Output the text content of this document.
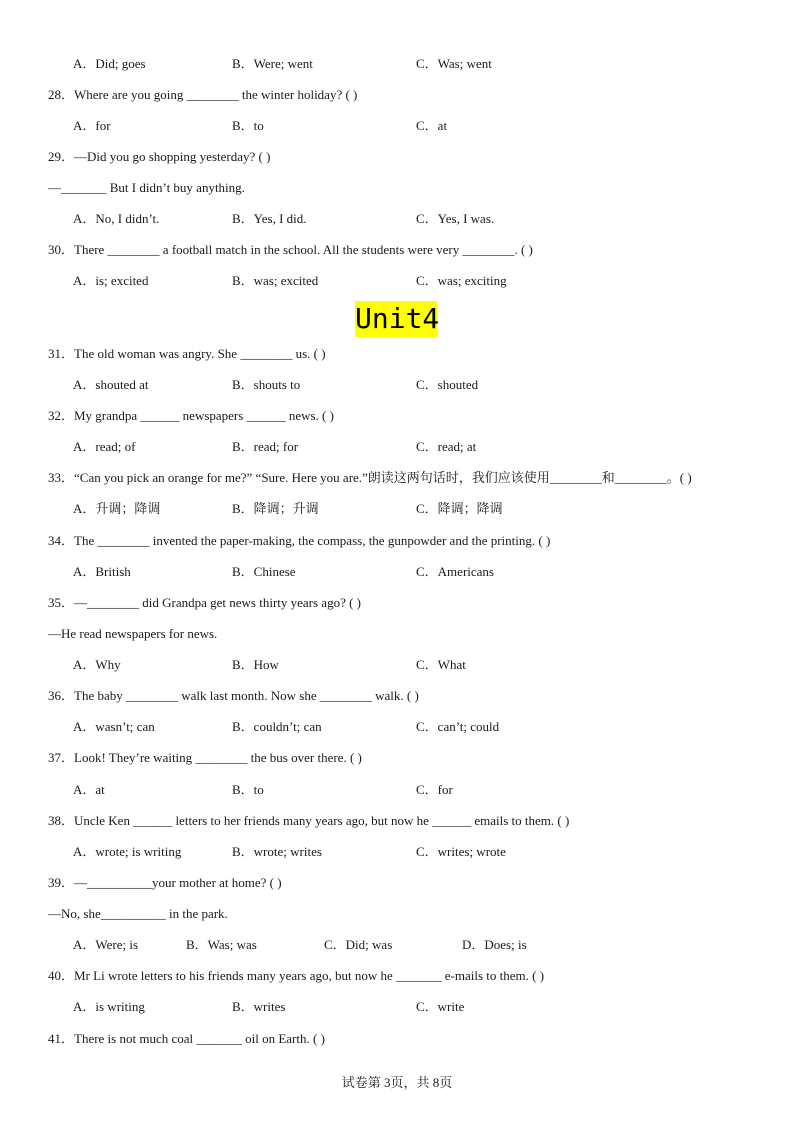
Unit4
试卷第 3页，共 8页
A．Did; goes	B．Were; went	C．Was; went
28．Where are you going ________ the winter holiday? ( )
A．for	B．to	C．at
29．—Did you go shopping yesterday? ( )
—_______ But I didn’t buy anything.
A．No, I didn’t.	B．Yes, I did.	C．Yes, I was.
30．There ________ a football match in the school. All the students were very ________. ( )
A．is; excited	B．was; excited	C．was; exciting
31．The old woman was angry. She ________ us. ( )
A．shouted at	B．shouts to	C．shouted
32．My grandpa ______ newspapers ______ news. ( )
A．read; of	B．read; for	C．read; at
33．“Can you pick an orange for me?” “Sure. Here you are.”朗读这两句话时，我们应该使用________和________。( )
A．升调；降调	B．降调；升调	C．降调；降调
34．The ________ invented the paper-making, the compass, the gunpowder and the printing. ( )
A．British	B．Chinese	C．Americans
35．—________ did Grandpa get news thirty years ago? ( )
—He read newspapers for news.
A．Why	B．How	C．What
36．The baby ________ walk last month. Now she ________ walk. ( )
A．wasn’t; can	B．couldn’t; can	C．can’t; could
37．Look! They’re waiting ________ the bus over there. ( )
A．at	B．to	C．for
38．Uncle Ken ______ letters to her friends many years ago, but now he ______ emails to them. ( )
A．wrote; is writing	B．wrote; writes	C．writes; wrote
39．—__________your mother at home? ( )
—No, she__________ in the park.
A．Were; is	B．Was; was	C．Did; was	D．Does; is
40．Mr Li wrote letters to his friends many years ago, but now he _______ e-mails to them. ( )
A．is writing	B．writes	C．write
41．There is not much coal _______ oil on Earth. ( )
